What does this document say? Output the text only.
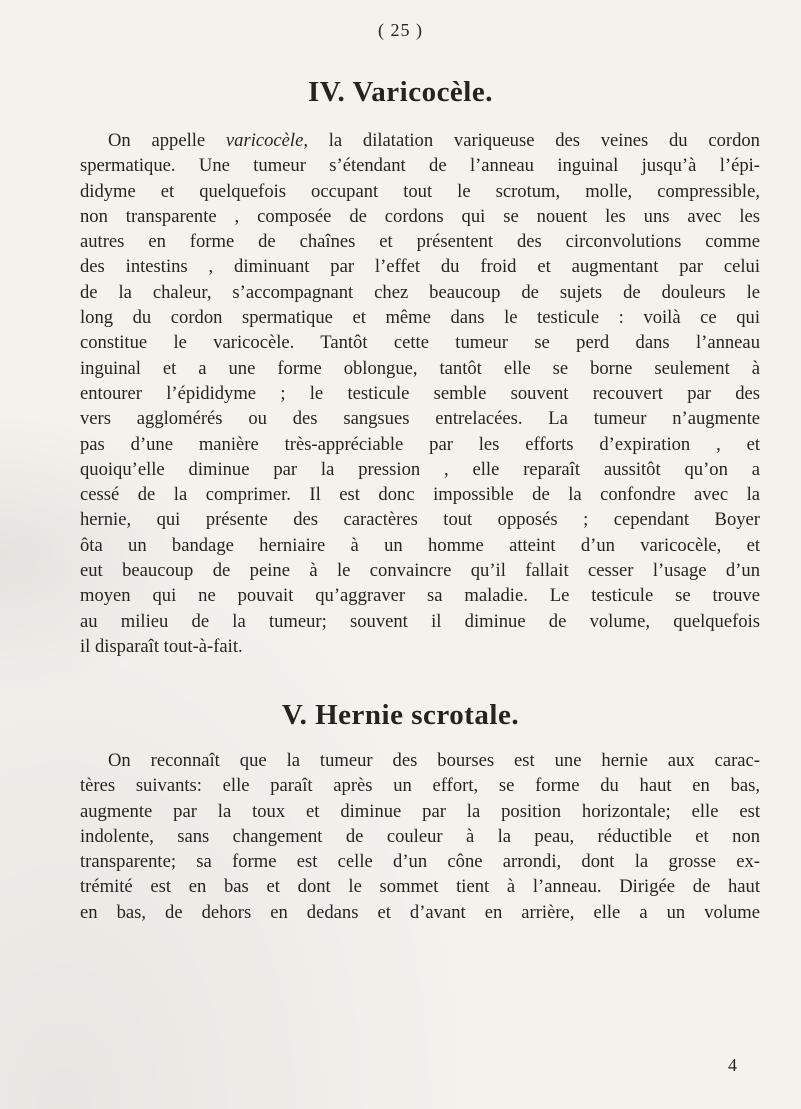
( 25 )
IV. Varicocèle.
On appelle varicocèle, la dilatation variqueuse des veines du cordon
spermatique. Une tumeur s’étendant de l’anneau inguinal jusqu’à l’épi-
didyme et quelquefois occupant tout le scrotum, molle, compressible,
non transparente , composée de cordons qui se nouent les uns avec les
autres en forme de chaînes et présentent des circonvolutions comme
des intestins , diminuant par l’effet du froid et augmentant par celui
de la chaleur, s’accompagnant chez beaucoup de sujets de douleurs le
long du cordon spermatique et même dans le testicule : voilà ce qui
constitue le varicocèle. Tantôt cette tumeur se perd dans l’anneau
inguinal et a une forme oblongue, tantôt elle se borne seulement à
entourer l’épididyme ; le testicule semble souvent recouvert par des
vers agglomérés ou des sangsues entrelacées. La tumeur n’augmente
pas d’une manière très-appréciable par les efforts d’expiration , et
quoiqu’elle diminue par la pression , elle reparaît aussitôt qu’on a
cessé de la comprimer. Il est donc impossible de la confondre avec la
hernie, qui présente des caractères tout opposés ; cependant Boyer
ôta un bandage herniaire à un homme atteint d’un varicocèle, et
eut beaucoup de peine à le convaincre qu’il fallait cesser l’usage d’un
moyen qui ne pouvait qu’aggraver sa maladie. Le testicule se trouve
au milieu de la tumeur; souvent il diminue de volume, quelquefois
il disparaît tout-à-fait.
V. Hernie scrotale.
On reconnaît que la tumeur des bourses est une hernie aux carac-
tères suivants: elle paraît après un effort, se forme du haut en bas,
augmente par la toux et diminue par la position horizontale; elle est
indolente, sans changement de couleur à la peau, réductible et non
transparente; sa forme est celle d’un cône arrondi, dont la grosse ex-
trémité est en bas et dont le sommet tient à l’anneau. Dirigée de haut
en bas, de dehors en dedans et d’avant en arrière, elle a un volume
4
